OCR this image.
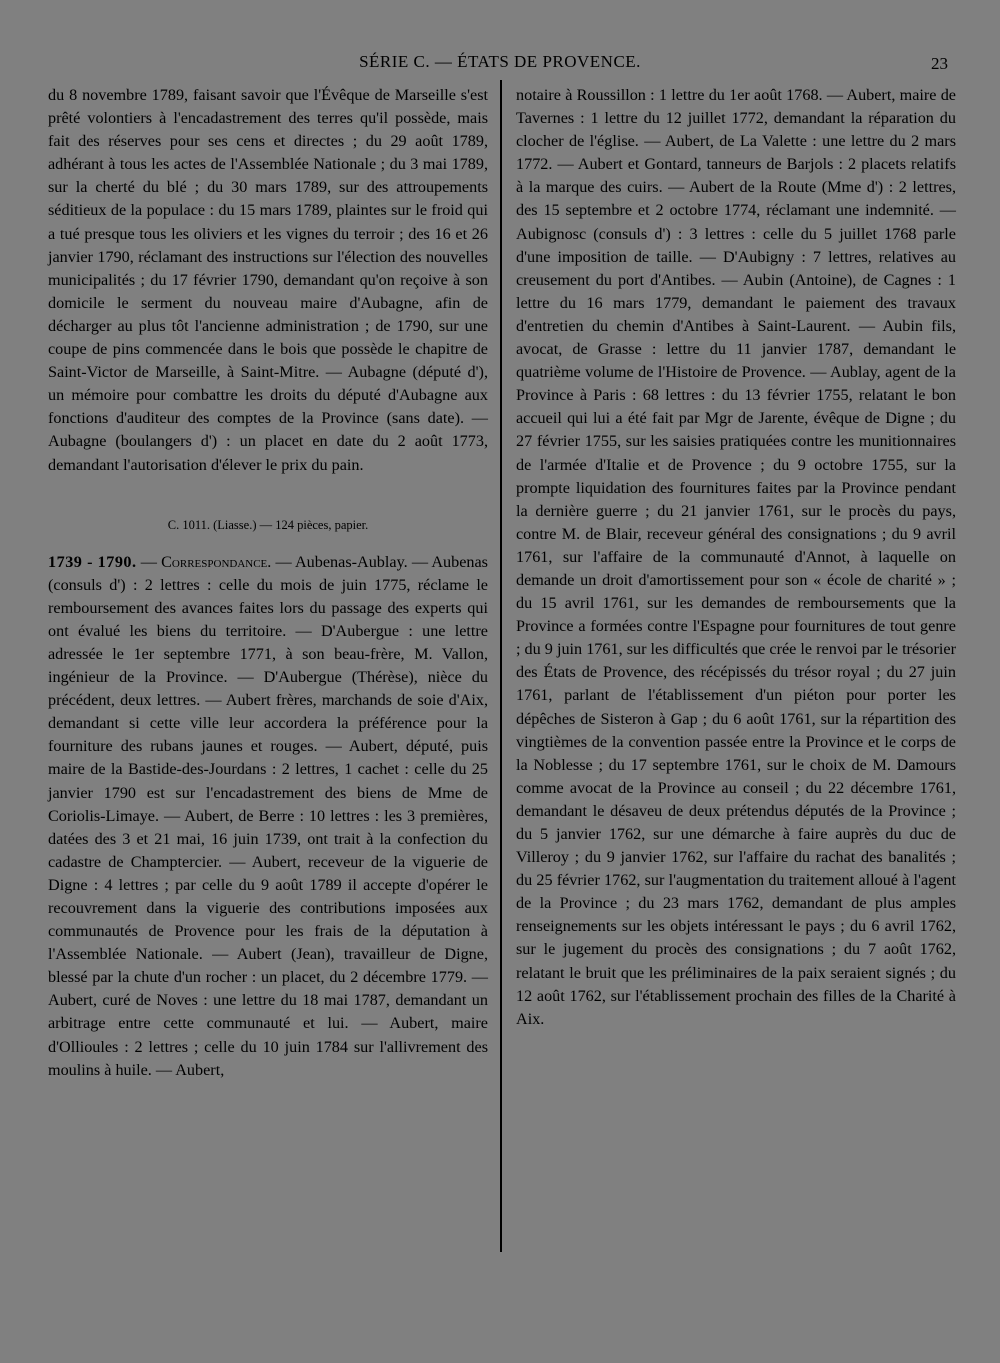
SÉRIE C. — ÉTATS DE PROVENCE.	23

du 8 novembre 1789, faisant savoir que l'Évêque de Marseille s'est prêté volontiers à l'encadastrement des terres qu'il possède, mais fait des réserves pour ses cens et directes ; du 29 août 1789, adhérant à tous les actes de l'Assemblée Nationale ; du 3 mai 1789, sur la cherté du blé ; du 30 mars 1789, sur des attroupements séditieux de la populace : du 15 mars 1789, plaintes sur le froid qui a tué presque tous les oliviers et les vignes du terroir ; des 16 et 26 janvier 1790, réclamant des instructions sur l'élection des nouvelles municipalités ; du 17 février 1790, demandant qu'on reçoive à son domicile le serment du nouveau maire d'Aubagne, afin de décharger au plus tôt l'ancienne administration ; de 1790, sur une coupe de pins commencée dans le bois que possède le chapitre de Saint-Victor de Marseille, à Saint-Mitre. — Aubagne (député d'), un mémoire pour combattre les droits du député d'Aubagne aux fonctions d'auditeur des comptes de la Province (sans date). — Aubagne (boulangers d') : un placet en date du 2 août 1773, demandant l'autorisation d'élever le prix du pain.

C. 1011. (Liasse.) — 124 pièces, papier.

1739 - 1790. — Correspondance. — Aubenas-Aublay. — Aubenas (consuls d') : 2 lettres : celle du mois de juin 1775, réclame le remboursement des avances faites lors du passage des experts qui ont évalué les biens du territoire. — D'Aubergue : une lettre adressée le 1er septembre 1771, à son beau-frère, M. Vallon, ingénieur de la Province. — D'Aubergue (Thérèse), nièce du précédent, deux lettres. — Aubert frères, marchands de soie d'Aix, demandant si cette ville leur accordera la préférence pour la fourniture des rubans jaunes et rouges. — Aubert, député, puis maire de la Bastide-des-Jourdans : 2 lettres, 1 cachet : celle du 25 janvier 1790 est sur l'encadastrement des biens de Mme de Coriolis-Limaye. — Aubert, de Berre : 10 lettres : les 3 premières, datées des 3 et 21 mai, 16 juin 1739, ont trait à la confection du cadastre de Champtercier. — Aubert, receveur de la viguerie de Digne : 4 lettres ; par celle du 9 août 1789 il accepte d'opérer le recouvrement dans la viguerie des contributions imposées aux communautés de Provence pour les frais de la députation à l'Assemblée Nationale. — Aubert (Jean), travailleur de Digne, blessé par la chute d'un rocher : un placet, du 2 décembre 1779. — Aubert, curé de Noves : une lettre du 18 mai 1787, demandant un arbitrage entre cette communauté et lui. — Aubert, maire d'Ollioules : 2 lettres ; celle du 10 juin 1784 sur l'allivrement des moulins à huile. — Aubert,

notaire à Roussillon : 1 lettre du 1er août 1768. — Aubert, maire de Tavernes : 1 lettre du 12 juillet 1772, demandant la réparation du clocher de l'église. — Aubert, de La Valette : une lettre du 2 mars 1772. — Aubert et Gontard, tanneurs de Barjols : 2 placets relatifs à la marque des cuirs. — Aubert de la Route (Mme d') : 2 lettres, des 15 septembre et 2 octobre 1774, réclamant une indemnité. — Aubignosc (consuls d') : 3 lettres : celle du 5 juillet 1768 parle d'une imposition de taille. — D'Aubigny : 7 lettres, relatives au creusement du port d'Antibes. — Aubin (Antoine), de Cagnes : 1 lettre du 16 mars 1779, demandant le paiement des travaux d'entretien du chemin d'Antibes à Saint-Laurent. — Aubin fils, avocat, de Grasse : lettre du 11 janvier 1787, demandant le quatrième volume de l'Histoire de Provence. — Aublay, agent de la Province à Paris : 68 lettres : du 13 février 1755, relatant le bon accueil qui lui a été fait par Mgr de Jarente, évêque de Digne ; du 27 février 1755, sur les saisies pratiquées contre les munitionnaires de l'armée d'Italie et de Provence ; du 9 octobre 1755, sur la prompte liquidation des fournitures faites par la Province pendant la dernière guerre ; du 21 janvier 1761, sur le procès du pays, contre M. de Blair, receveur général des consignations ; du 9 avril 1761, sur l'affaire de la communauté d'Annot, à laquelle on demande un droit d'amortissement pour son « école de charité » ; du 15 avril 1761, sur les demandes de remboursements que la Province a formées contre l'Espagne pour fournitures de tout genre ; du 9 juin 1761, sur les difficultés que crée le renvoi par le trésorier des États de Provence, des récépissés du trésor royal ; du 27 juin 1761, parlant de l'établissement d'un piéton pour porter les dépêches de Sisteron à Gap ; du 6 août 1761, sur la répartition des vingtièmes de la convention passée entre la Province et le corps de la Noblesse ; du 17 septembre 1761, sur le choix de M. Damours comme avocat de la Province au conseil ; du 22 décembre 1761, demandant le désaveu de deux prétendus députés de la Province ; du 5 janvier 1762, sur une démarche à faire auprès du duc de Villeroy ; du 9 janvier 1762, sur l'affaire du rachat des banalités ; du 25 février 1762, sur l'augmentation du traitement alloué à l'agent de la Province ; du 23 mars 1762, demandant de plus amples renseignements sur les objets intéressant le pays ; du 6 avril 1762, sur le jugement du procès des consignations ; du 7 août 1762, relatant le bruit que les préliminaires de la paix seraient signés ; du 12 août 1762, sur l'établissement prochain des filles de la Charité à Aix.
